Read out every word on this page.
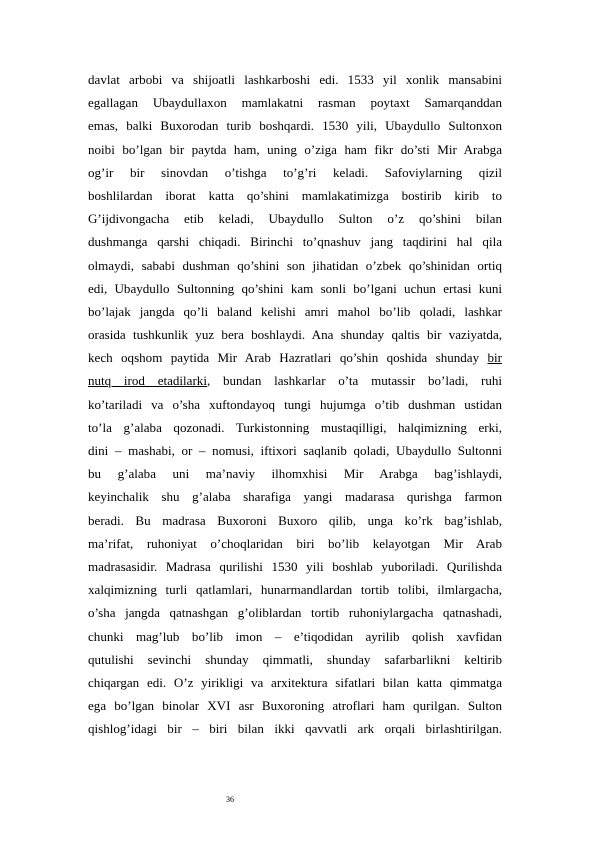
davlat arbobi va shijoatli lashkarboshi edi. 1533 yil xonlik mansabini
egallagan Ubaydullaxon mamlakatni rasman poytaxt Samarqanddan
emas, balki Buxorodan turib boshqardi. 1530 yili, Ubaydullo Sultonxon
noibi bo’lgan bir paytda ham, uning o’ziga ham fikr do’sti Mir Arabga
og’ir bir sinovdan o’tishga to’g’ri keladi. Safoviylarning qizil
boshlilardan iborat katta qo’shini mamlakatimizga bostirib kirib to
G’ijdivongacha etib keladi, Ubaydullo Sulton o’z qo’shini bilan
dushmanga qarshi chiqadi. Birinchi to’qnashuv jang taqdirini hal qila
olmaydi, sababi dushman qo’shini son jihatidan o’zbek qo’shinidan ortiq
edi, Ubaydullo Sultonning qo’shini kam sonli bo’lgani uchun ertasi kuni
bo’lajak jangda qo’li baland kelishi amri mahol bo’lib qoladi, lashkar
orasida tushkunlik yuz bera boshlaydi. Ana shunday qaltis bir vaziyatda,
kech oqshom paytida Mir Arab Hazratlari qo’shin qoshida shunday bir
nutq irod etadilarki, bundan lashkarlar o’ta mutassir bo’ladi, ruhi
ko’tariladi va o’sha xuftondayoq tungi hujumga o’tib dushman ustidan
to’la g’alaba qozonadi. Turkistonning mustaqilligi, halqimizning erki,
dini – mashabi, or – nomusi, iftixori saqlanib qoladi, Ubaydullo Sultonni
bu g’alaba uni ma’naviy ilhomxhisi Mir Arabga bag’ishlaydi,
keyinchalik shu g’alaba sharafiga yangi madarasa qurishga farmon
beradi. Bu madrasa Buxoroni Buxoro qilib, unga ko’rk bag’ishlab,
ma’rifat, ruhoniyat o’choqlaridan biri bo’lib kelayotgan Mir Arab
madrasasidir. Madrasa qurilishi 1530 yili boshlab yuboriladi. Qurilishda
xalqimizning turli qatlamlari, hunarmandlardan tortib tolibi, ilmlargacha,
o’sha jangda qatnashgan g’oliblardan tortib ruhoniylargacha qatnashadi,
chunki mag’lub bo’lib imon – e’tiqodidan ayrilib qolish xavfidan
qutulishi sevinchi shunday qimmatli, shunday safarbarlikni keltirib
chiqargan edi. O’z yirikligi va arxitektura sifatlari bilan katta qimmatga
ega bo’lgan binolar XVI asr Buxoroning atroflari ham qurilgan. Sulton
qishlog’idagi bir – biri bilan ikki qavvatli ark orqali birlashtirilgan.
36
